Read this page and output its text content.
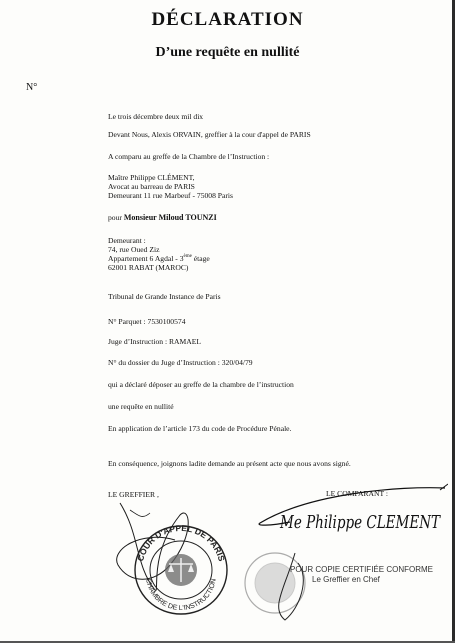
DÉCLARATION
D’une requête en nullité
N°
Le trois décembre deux mil dix
Devant Nous, Alexis ORVAIN, greffier à la cour d'appel de PARIS
A comparu au greffe de la Chambre de l’Instruction :
Maître Philippe CLÉMENT,
Avocat au barreau de PARIS
Demeurant 11 rue Marbeuf - 75008 Paris
pour Monsieur Miloud TOUNZI
Demeurant :
74, rue Oued Ziz
Appartement 6 Agdal - 3ème étage
62001 RABAT (MAROC)
Tribunal de Grande Instance de Paris
N° Parquet : 7530100574
Juge d’Instruction : RAMAEL
N° du dossier du Juge d’Instruction : 320/04/79
qui a déclaré déposer au greffe de la chambre de l’instruction
une requête en nullité
En application de l’article 173 du code de Procédure Pénale.
En conséquence, joignons ladite demande au présent acte que nous avons signé.
LE GREFFIER ,	LE COMPARANT :
COUR D'APPEL DE PARIS
CHAMBRE DE L'INSTRUCTION
Me Philippe CLEMENT
POUR COPIE CERTIFIÉE CONFORME
Le Greffier en Chef
